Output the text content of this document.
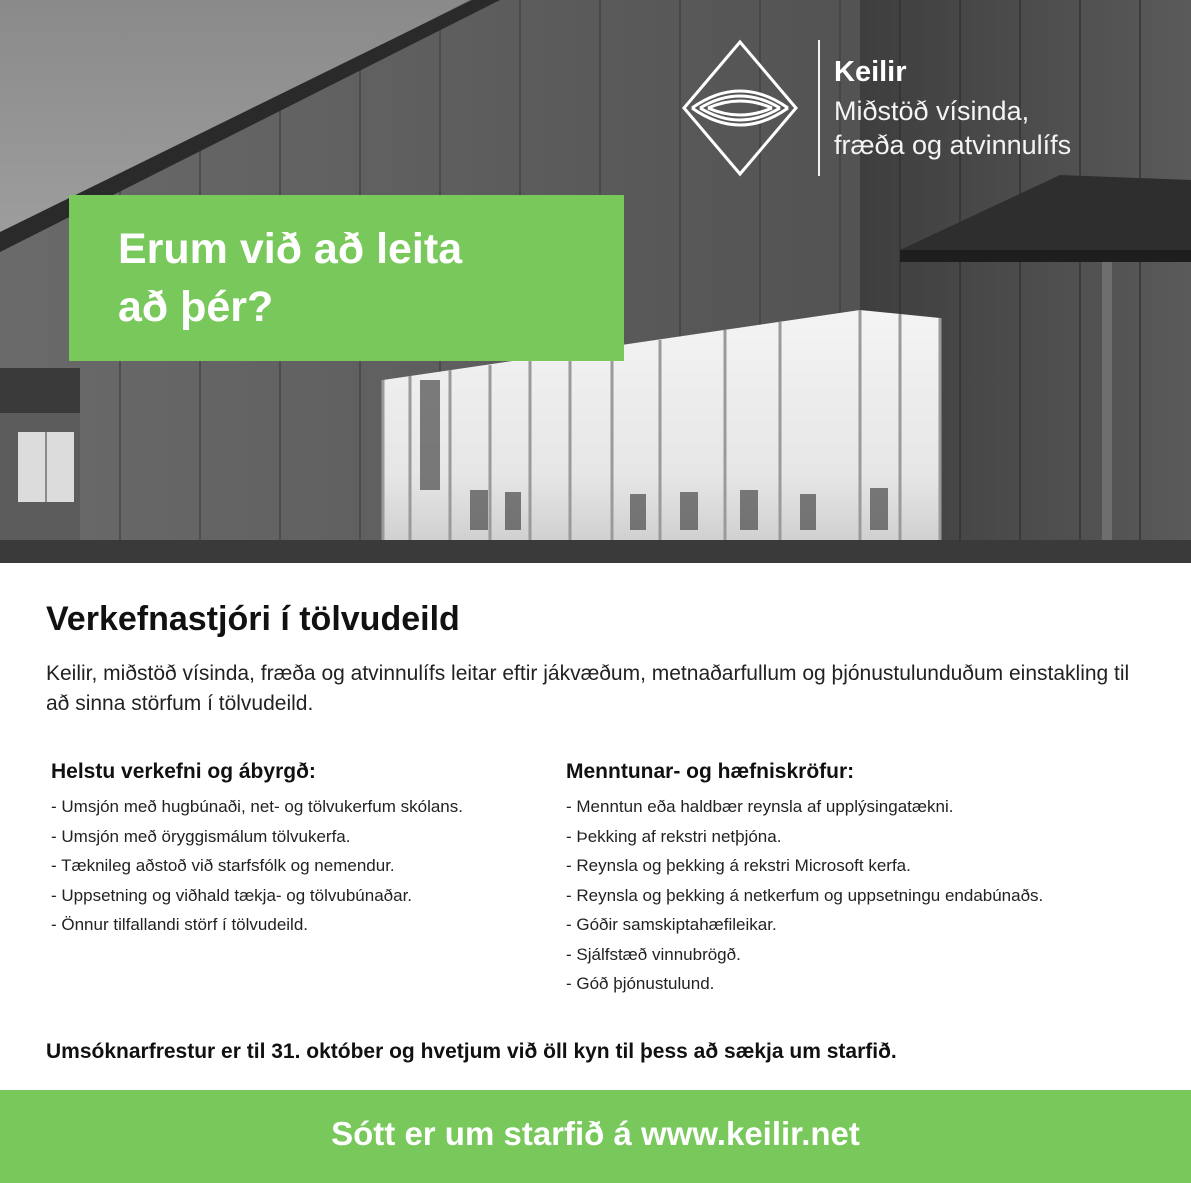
Keilir
Miðstöð vísinda,
fræða og atvinnulífs
Erum við að leita
að þér?
Verkefnastjóri í tölvudeild

Keilir, miðstöð vísinda, fræða og atvinnulífs leitar eftir jákvæðum, metnaðarfullum og þjónustulunduðum einstakling til að sinna störfum í tölvudeild.

Helstu verkefni og ábyrgð:
- Umsjón með hugbúnaði, net- og tölvukerfum skólans.
- Umsjón með öryggismálum tölvukerfa.
- Tæknileg aðstoð við starfsfólk og nemendur.
- Uppsetning og viðhald tækja- og tölvubúnaðar.
- Önnur tilfallandi störf í tölvudeild.
Menntunar- og hæfniskröfur:
- Menntun eða haldbær reynsla af upplýsingatækni.
- Þekking af rekstri netþjóna.
- Reynsla og þekking á rekstri Microsoft kerfa.
- Reynsla og þekking á netkerfum og uppsetningu endabúnaðs.
- Góðir samskiptahæfileikar.
- Sjálfstæð vinnubrögð.
- Góð þjónustulund.

Umsóknarfrestur er til 31. október og hvetjum við öll kyn til þess að sækja um starfið.

Sótt er um starfið á www.keilir.net
